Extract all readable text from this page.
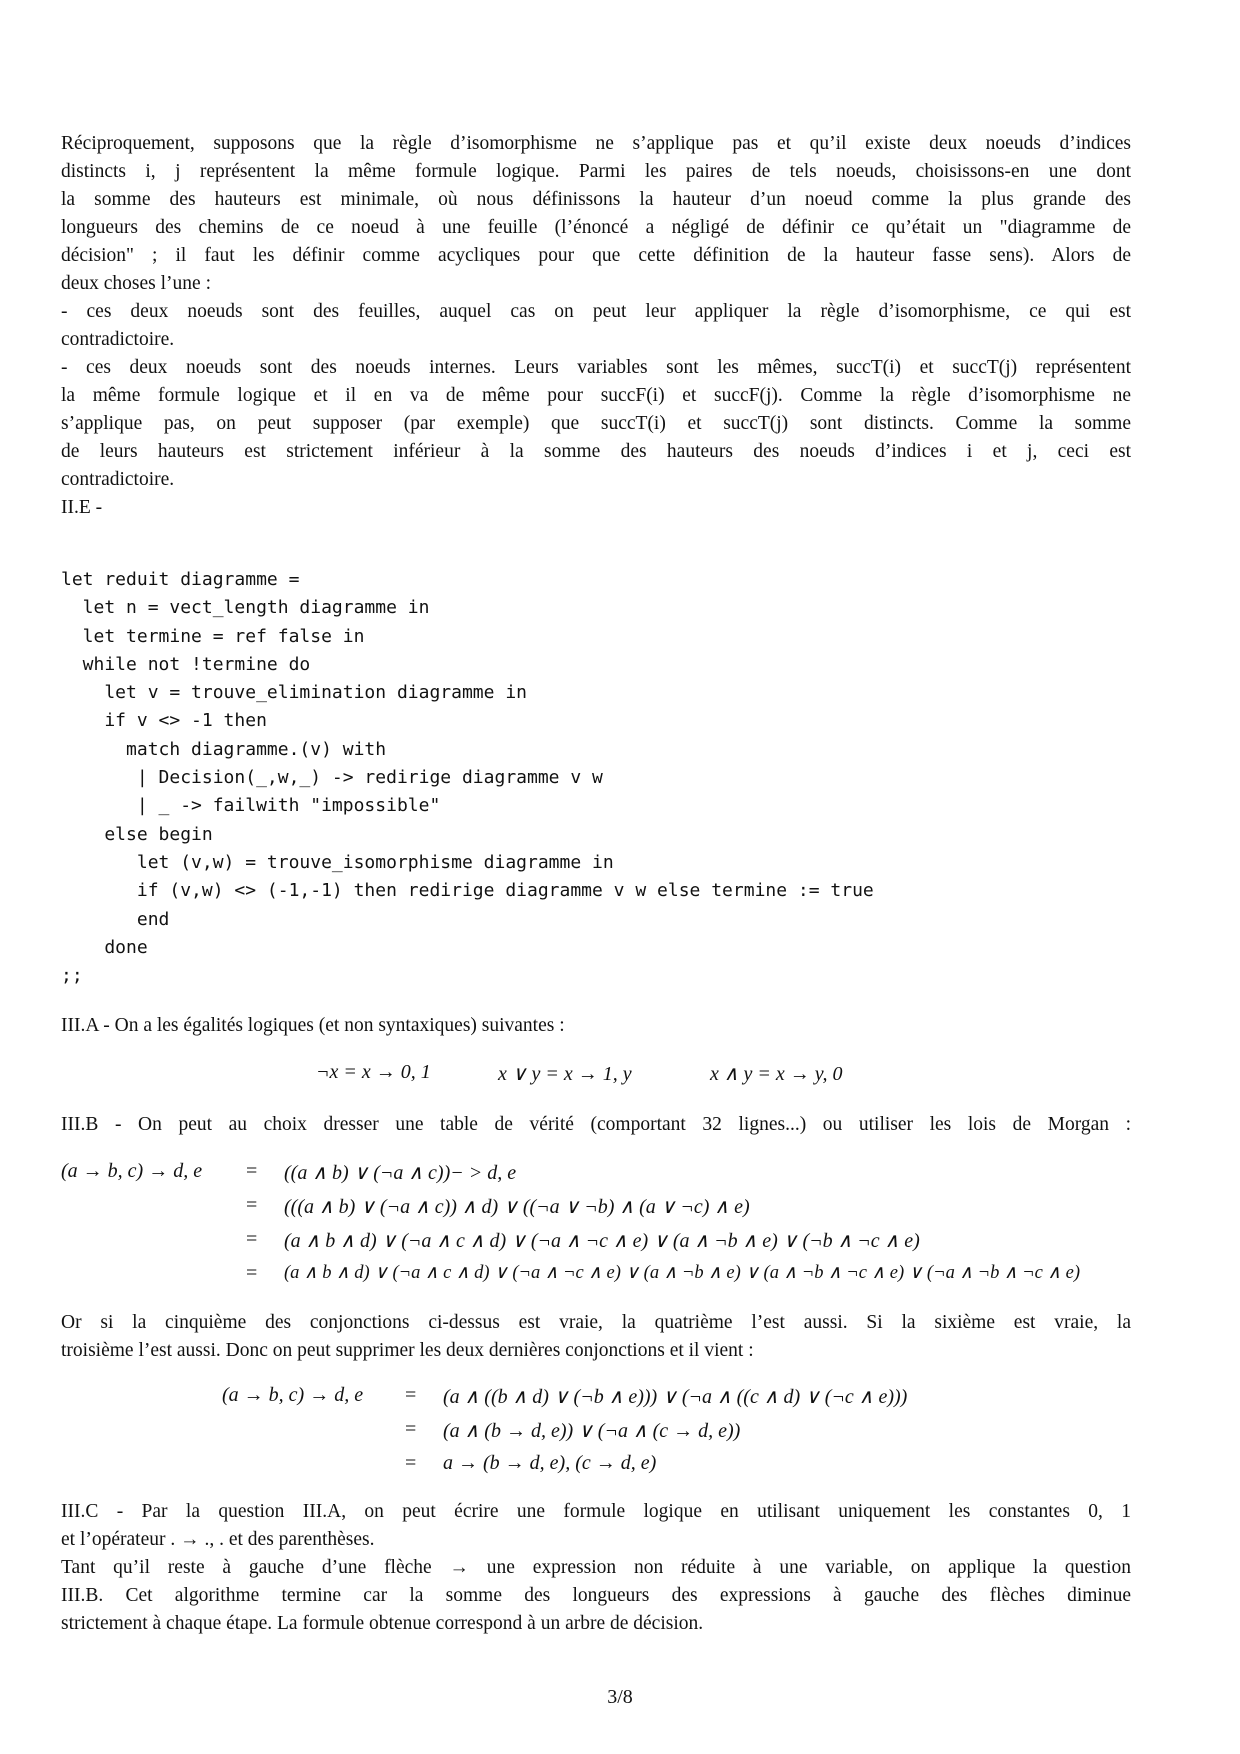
Réciproquement, supposons que la règle d’isomorphisme ne s’applique pas et qu’il existe deux noeuds d’indices
distincts i, j représentent la même formule logique. Parmi les paires de tels noeuds, choisissons-en une dont
la somme des hauteurs est minimale, où nous définissons la hauteur d’un noeud comme la plus grande des
longueurs des chemins de ce noeud à une feuille (l’énoncé a négligé de définir ce qu’était un "diagramme de
décision" ; il faut les définir comme acycliques pour que cette définition de la hauteur fasse sens). Alors de
deux choses l’une :
- ces deux noeuds sont des feuilles, auquel cas on peut leur appliquer la règle d’isomorphisme, ce qui est
contradictoire.
- ces deux noeuds sont des noeuds internes. Leurs variables sont les mêmes, succT(i) et succT(j) représentent
la même formule logique et il en va de même pour succF(i) et succF(j). Comme la règle d’isomorphisme ne
s’applique pas, on peut supposer (par exemple) que succT(i) et succT(j) sont distincts. Comme la somme
de leurs hauteurs est strictement inférieur à la somme des hauteurs des noeuds d’indices i et j, ceci est
contradictoire.
II.E -
let reduit diagramme =
let n = vect_length diagramme in
let termine = ref false in
while not !termine do
let v = trouve_elimination diagramme in
if v <> -1 then
match diagramme.(v) with
| Decision(_,w,_) -> redirige diagramme v w
| _ -> failwith "impossible"
else begin
let (v,w) = trouve_isomorphisme diagramme in
if (v,w) <> (-1,-1) then redirige diagramme v w else termine := true
end
done
;;
III.A - On a les égalités logiques (et non syntaxiques) suivantes :
¬x = x → 0, 1	x ∨ y = x → 1, y	x ∧ y = x → y, 0
III.B - On peut au choix dresser une table de vérité (comportant 32 lignes...) ou utiliser les lois de Morgan :
(a → b, c) → d, e	= ((a ∧ b) ∨ (¬a ∧ c))− > d, e
= (((a ∧ b) ∨ (¬a ∧ c)) ∧ d) ∨ ((¬a ∨ ¬b) ∧ (a ∨ ¬c) ∧ e)
= (a ∧ b ∧ d) ∨ (¬a ∧ c ∧ d) ∨ (¬a ∧ ¬c ∧ e) ∨ (a ∧ ¬b ∧ e) ∨ (¬b ∧ ¬c ∧ e)
= (a ∧ b ∧ d) ∨ (¬a ∧ c ∧ d) ∨ (¬a ∧ ¬c ∧ e) ∨ (a ∧ ¬b ∧ e) ∨ (a ∧ ¬b ∧ ¬c ∧ e) ∨ (¬a ∧ ¬b ∧ ¬c ∧ e)
Or si la cinquième des conjonctions ci-dessus est vraie, la quatrième l’est aussi. Si la sixième est vraie, la
troisième l’est aussi. Donc on peut supprimer les deux dernières conjonctions et il vient :
(a → b, c) → d, e	= (a ∧ ((b ∧ d) ∨ (¬b ∧ e))) ∨ (¬a ∧ ((c ∧ d) ∨ (¬c ∧ e)))
= (a ∧ (b → d, e)) ∨ (¬a ∧ (c → d, e))
= a → (b → d, e), (c → d, e)
III.C - Par la question III.A, on peut écrire une formule logique en utilisant uniquement les constantes 0, 1
et l’opérateur . → ., . et des parenthèses.
Tant qu’il reste à gauche d’une flèche → une expression non réduite à une variable, on applique la question
III.B. Cet algorithme termine car la somme des longueurs des expressions à gauche des flèches diminue
strictement à chaque étape. La formule obtenue correspond à un arbre de décision.
3/8
